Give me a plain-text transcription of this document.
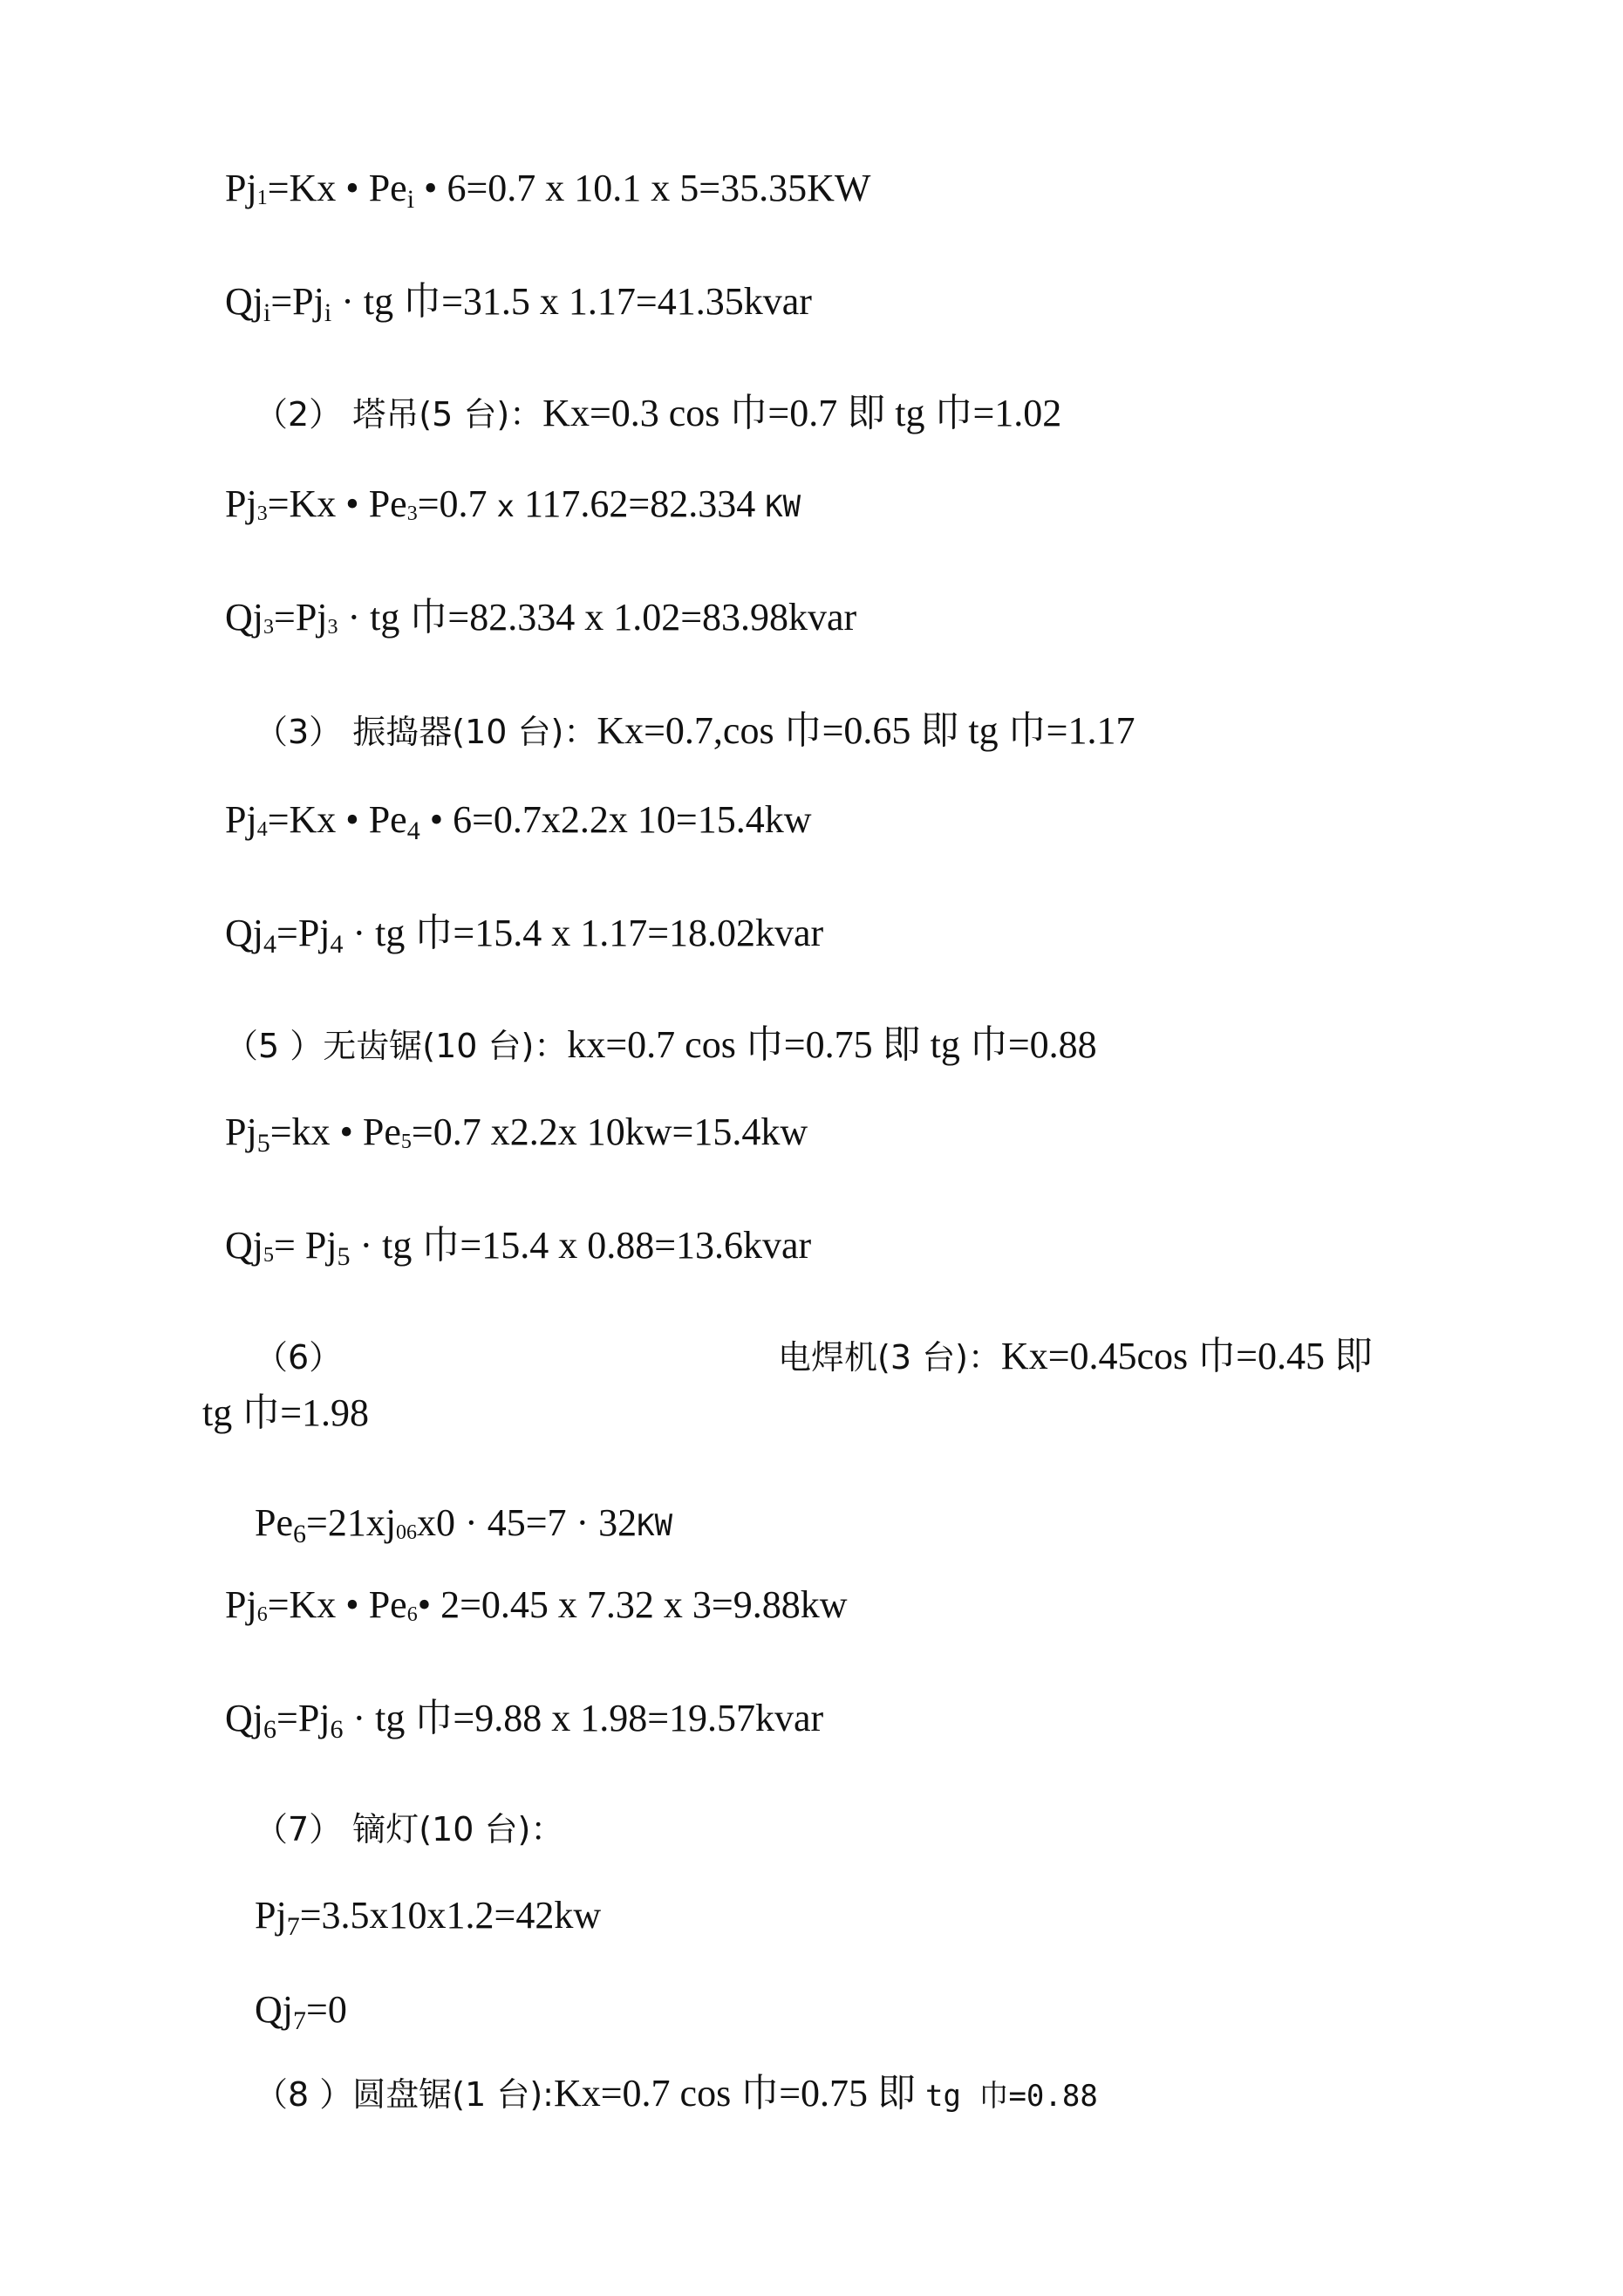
Pj1=Kx • $Pe_i$ • 6=0.7 x 10.1 x 5=35.35KW
$Qj_i=Pj_i$ · tg 巾=31.5 x 1.17=41.35kvar
（2） 塔吊(5 台)：Kx=0.3 cos 巾=0.7 即 tg 巾=1.02
Pj3=Kx • Pe3=0.7 x 117.62=82.334 KW
Qj3=Pj3 · tg 巾=82.334 x 1.02=83.98kvar
（3） 振捣器(10 台)：Kx=0.7,cos 巾=0.65 即 tg 巾=1.17
Pj4=Kx • $Pe_4$ • 6=0.7x2.2x 10=15.4kw
$Qj_4=Pj_4$ · tg 巾=15.4 x 1.17=18.02kvar
（5 ）无齿锯(10 台)：kx=0.7 cos 巾=0.75 即 tg 巾=0.88
$Pj_5=kx$ • Pe5=0.7 x2.2x 10kw=15.4kw
$Qj5= Pj_5$ · tg 巾=15.4 x 0.88=13.6kvar
（6）	电焊机(3 台)：Kx=0.45cos 巾=0.45 即
tg 巾=1.98
$Pe_6=21xj06x0 \cdot 45=7 \cdot 32KW$
Pj6=Kx • Pe6• 2=0.45 x 7.32 x 3=9.88kw
$Qj_6=Pj_6$ · tg 巾=9.88 x 1.98=19.57kvar
（7） 镝灯(10 台)：
$Pj_7=3.5x10x1.2=42kw$
$Qj_7=0$
（8 ）圆盘锯(1 台):Kx=0.7 cos 巾=0.75 即 tg 巾=0.88
